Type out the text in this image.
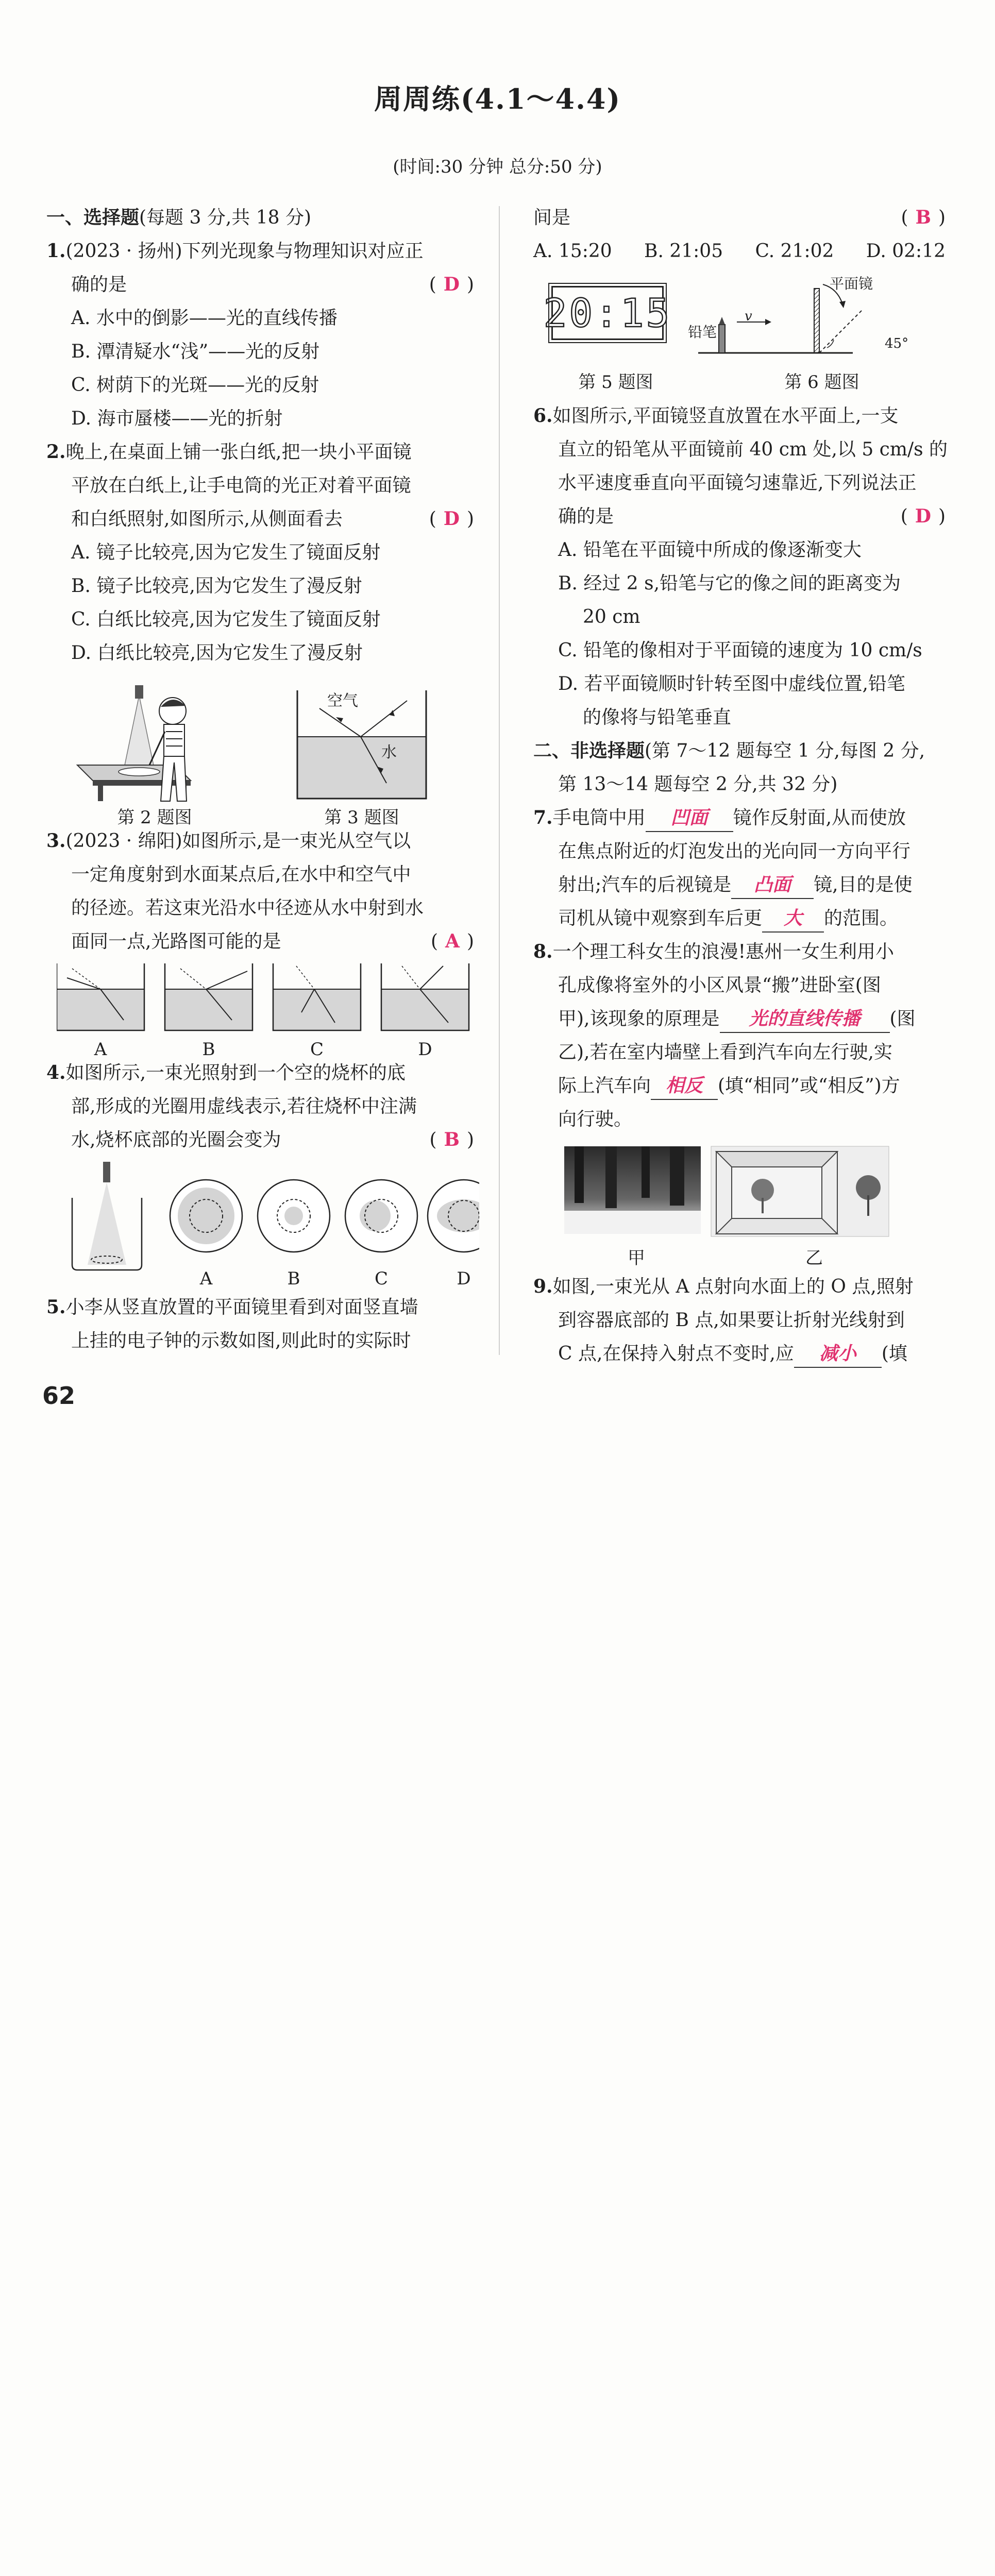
周周练(4.1～4.4)
(时间:30 分钟 总分:50 分)
一、选择题(每题 3 分,共 18 分)
1.(2023 · 扬州)下列光现象与物理知识对应正
确的是	( D )
A. 水中的倒影——光的直线传播
B. 潭清疑水“浅”——光的反射
C. 树荫下的光斑——光的反射
D. 海市蜃楼——光的折射
2.晚上,在桌面上铺一张白纸,把一块小平面镜
平放在白纸上,让手电筒的光正对着平面镜
和白纸照射,如图所示,从侧面看去	( D )
A. 镜子比较亮,因为它发生了镜面反射
B. 镜子比较亮,因为它发生了漫反射
C. 白纸比较亮,因为它发生了镜面反射
D. 白纸比较亮,因为它发生了漫反射
空气
水
第 2 题图	第 3 题图
3.(2023 · 绵阳)如图所示,是一束光从空气以
一定角度射到水面某点后,在水中和空气中
的径迹。若这束光沿水中径迹从水中射到水
面同一点,光路图可能的是	( A )
A	B	C	D
4.如图所示,一束光照射到一个空的烧杯的底
部,形成的光圈用虚线表示,若往烧杯中注满
水,烧杯底部的光圈会变为	( B )
A	B	C	D
5.小李从竖直放置的平面镜里看到对面竖直墙
上挂的电子钟的示数如图,则此时的实际时
间是	( B )
A. 15:20 B. 21:05 C. 21:02 D. 02:12
20:15
平面镜
铅笔
v
45°
第 5 题图	第 6 题图
6.如图所示,平面镜竖直放置在水平面上,一支
直立的铅笔从平面镜前 40 cm 处,以 5 cm/s 的
水平速度垂直向平面镜匀速靠近,下列说法正
确的是	( D )
A. 铅笔在平面镜中所成的像逐渐变大
B. 经过 2 s,铅笔与它的像之间的距离变为
20 cm
C. 铅笔的像相对于平面镜的速度为 10 cm/s
D. 若平面镜顺时针转至图中虚线位置,铅笔
的像将与铅笔垂直
二、非选择题(第 7～12 题每空 1 分,每图 2 分,
第 13～14 题每空 2 分,共 32 分)
7.手电筒中用 凹面 镜作反射面,从而使放
在焦点附近的灯泡发出的光向同一方向平行
射出;汽车的后视镜是 凸面 镜,目的是使
司机从镜中观察到车后更 大 的范围。
8.一个理工科女生的浪漫!惠州一女生利用小
孔成像将室外的小区风景“搬”进卧室(图
甲),该现象的原理是 光的直线传播 (图
乙),若在室内墙壁上看到汽车向左行驶,实
际上汽车向 相反 (填“相同”或“相反”)方
向行驶。
甲	乙
9.如图,一束光从 A 点射向水面上的 O 点,照射
到容器底部的 B 点,如果要让折射光线射到
C 点,在保持入射点不变时,应 减小 (填
62
